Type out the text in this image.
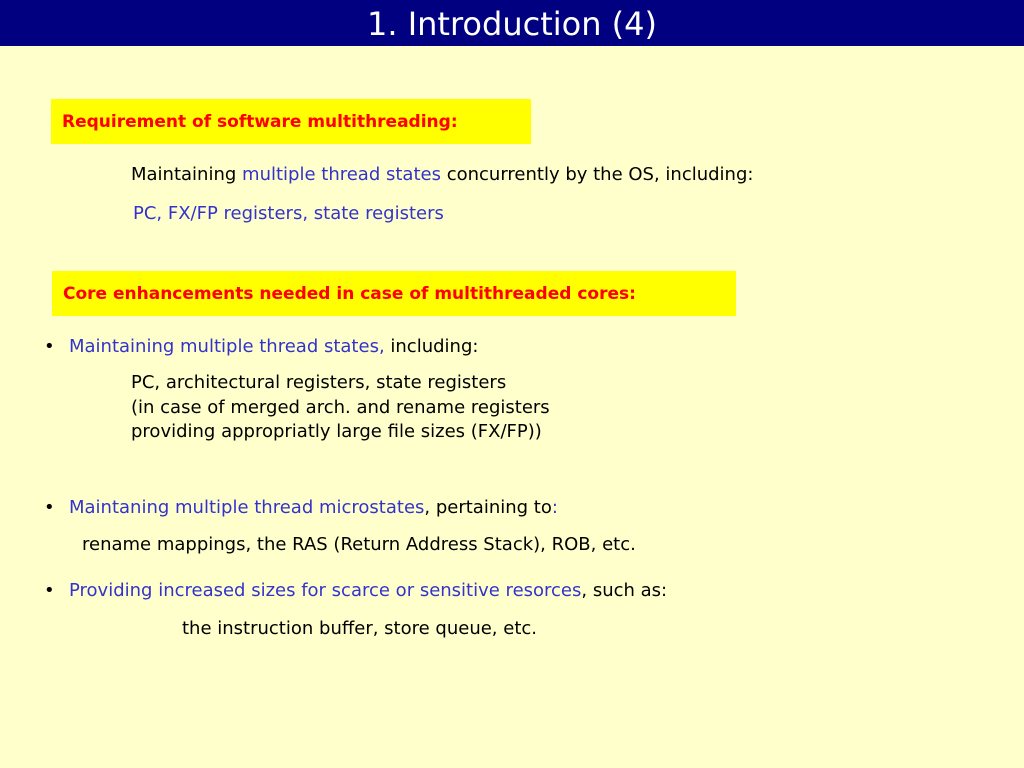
1. Introduction (4)
Requirement of software multithreading:
Maintaining multiple thread states concurrently by the OS, including:
PC, FX/FP registers, state registers
Core enhancements needed in case of multithreaded cores:
• Maintaining multiple thread states, including:
PC, architectural registers, state registers
(in case of merged arch. and rename registers
providing appropriatly large file sizes (FX/FP))
• Maintaning multiple thread microstates, pertaining to:
rename mappings, the RAS (Return Address Stack), ROB, etc.
• Providing increased sizes for scarce or sensitive resorces, such as:
the instruction buffer, store queue, etc.
